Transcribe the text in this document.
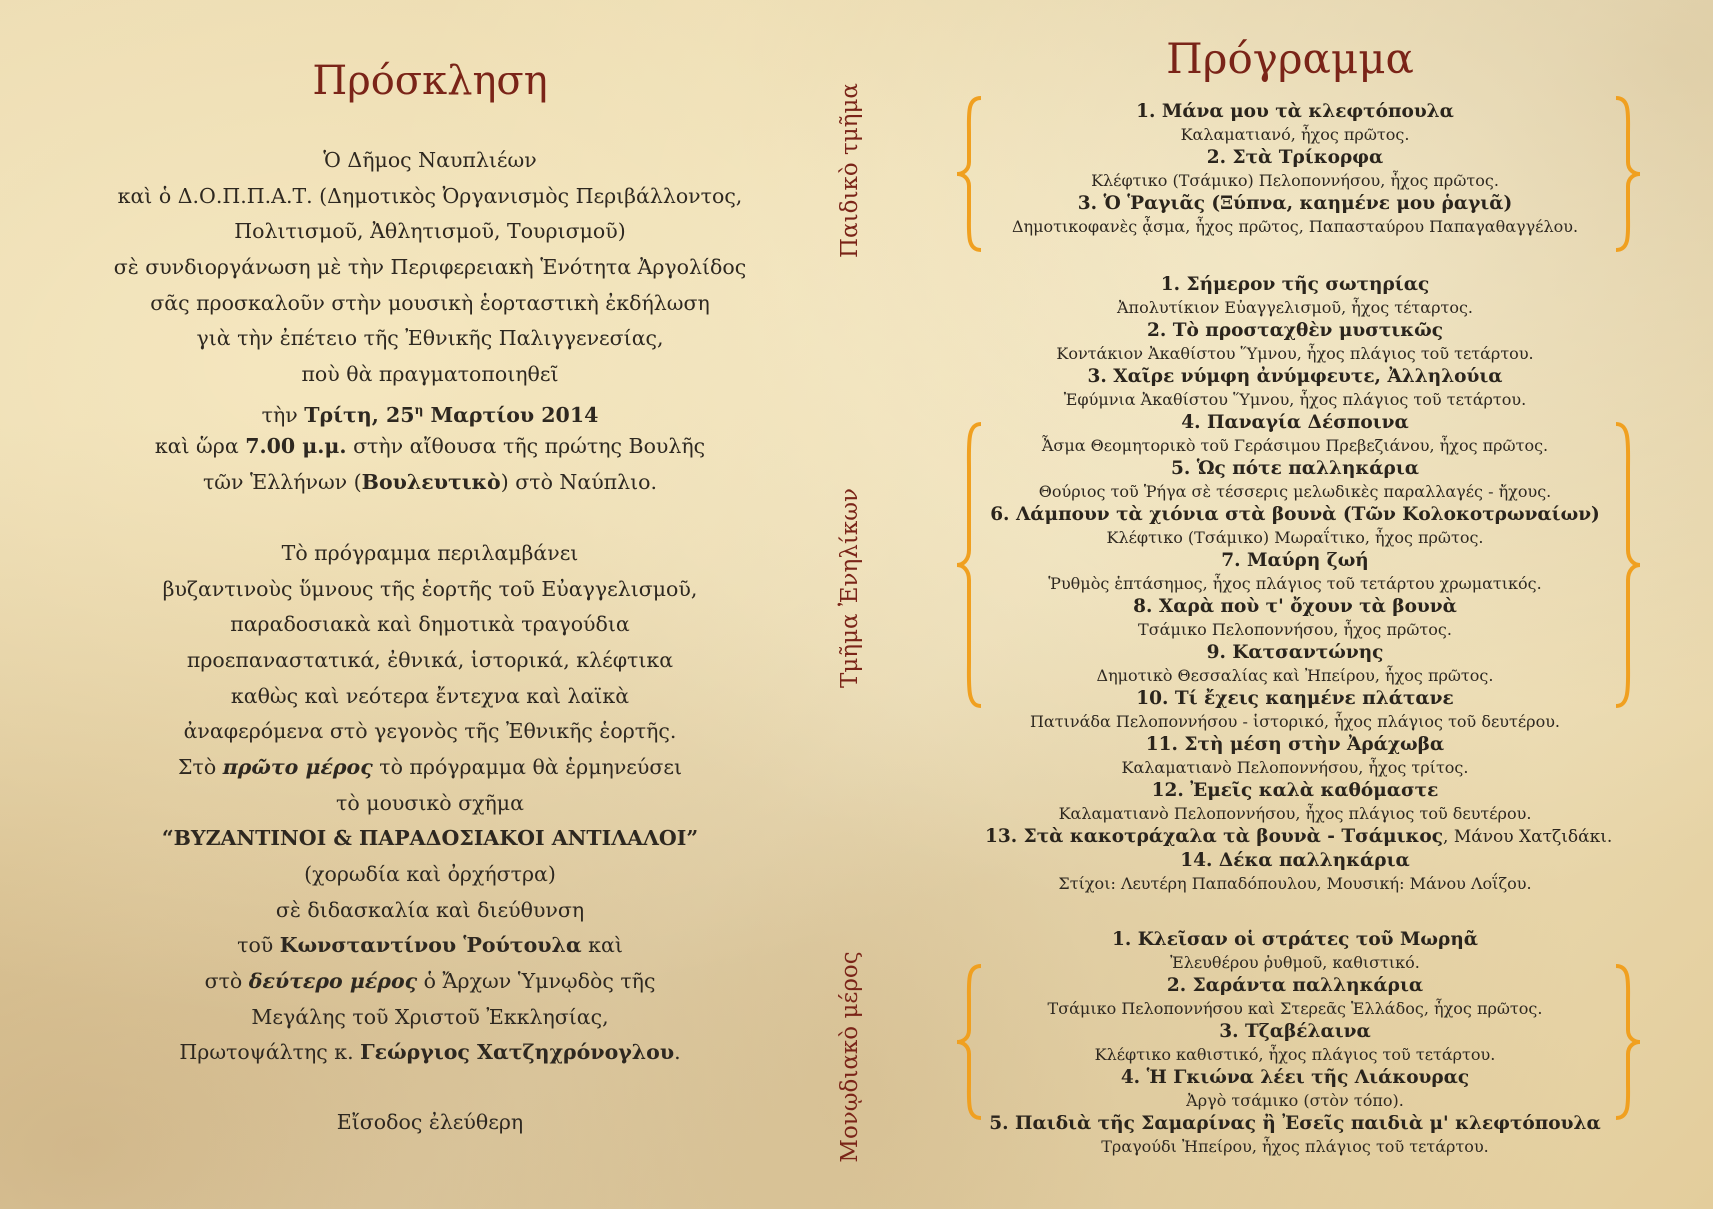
Πρόσκληση
Ὁ Δῆμος Ναυπλιέων
καὶ ὁ Δ.Ο.Π.Π.Α.Τ. (Δημοτικὸς Ὀργανισμὸς Περιβάλλοντος,
Πολιτισμοῦ, Ἀθλητισμοῦ, Τουρισμοῦ)
σὲ συνδιοργάνωση μὲ τὴν Περιφερειακὴ Ἑνότητα Ἀργολίδος
σᾶς προσκαλοῦν στὴν μουσικὴ ἑορταστικὴ ἐκδήλωση
γιὰ τὴν ἐπέτειο τῆς Ἐθνικῆς Παλιγγενεσίας,
ποὺ θὰ πραγματοποιηθεῖ
τὴν Τρίτη, $25^\eta$ Μαρτίου 2014
καὶ ὥρα 7.00 μ.μ. στὴν αἴθουσα τῆς πρώτης Βουλῆς
τῶν Ἑλλήνων (Βουλευτικὸ) στὸ Ναύπλιο.
Τὸ πρόγραμμα περιλαμβάνει
βυζαντινοὺς ὕμνους τῆς ἑορτῆς τοῦ Εὐαγγελισμοῦ,
παραδοσιακὰ καὶ δημοτικὰ τραγούδια
προεπαναστατικά, ἐθνικά, ἱστορικά, κλέφτικα
καθὼς καὶ νεότερα ἔντεχνα καὶ λαϊκὰ
ἀναφερόμενα στὸ γεγονὸς τῆς Ἐθνικῆς ἑορτῆς.
Στὸ πρῶτο μέρος τὸ πρόγραμμα θὰ ἑρμηνεύσει
τὸ μουσικὸ σχῆμα
“ΒΥΖΑΝΤΙΝΟΙ & ΠΑΡΑΔΟΣΙΑΚΟΙ ΑΝΤΙΛΑΛΟΙ”
(χορωδία καὶ ὀρχήστρα)
σὲ διδασκαλία καὶ διεύθυνση
τοῦ Κωνσταντίνου Ῥούτουλα καὶ
στὸ δεύτερο μέρος ὁ Ἄρχων Ὑμνῳδὸς τῆς
Μεγάλης τοῦ Χριστοῦ Ἐκκλησίας,
Πρωτοψάλτης κ. Γεώργιος Χατζηχρόνογλου.
Εἴσοδος ἐλεύθερη
Πρόγραμμα
Παιδικὸ τμῆμα
Τμῆμα Ἐνηλίκων
Μονῳδιακὸ μέρος
1. Μάνα μου τὰ κλεφτόπουλα
Καλαματιανό, ἦχος πρῶτος.
2. Στὰ Τρίκορφα
Κλέφτικο (Τσάμικο) Πελοποννήσου, ἦχος πρῶτος.
3. Ὁ Ῥαγιᾶς (Ξύπνα, καημένε μου ῥαγιᾶ)
Δημοτικοφανὲς ᾆσμα, ἦχος πρῶτος, Παπασταύρου Παπαγαθαγγέλου.
1. Σήμερον τῆς σωτηρίας
Ἀπολυτίκιον Εὐαγγελισμοῦ, ἦχος τέταρτος.
2. Τὸ προσταχθὲν μυστικῶς
Κοντάκιον Ἀκαθίστου Ὕμνου, ἦχος πλάγιος τοῦ τετάρτου.
3. Χαῖρε νύμφη ἀνύμφευτε, Ἀλληλούια
Ἐφύμνια Ἀκαθίστου Ὕμνου, ἦχος πλάγιος τοῦ τετάρτου.
4. Παναγία Δέσποινα
Ἆσμα Θεομητορικὸ τοῦ Γεράσιμου Πρεβεζιάνου, ἦχος πρῶτος.
5. Ὡς πότε παλληκάρια
Θούριος τοῦ Ῥήγα σὲ τέσσερις μελωδικὲς παραλλαγές - ἤχους.
6. Λάμπουν τὰ χιόνια στὰ βουνὰ (Τῶν Κολοκοτρωναίων)
Κλέφτικο (Τσάμικο) Μωραΐτικο, ἦχος πρῶτος.
7. Μαύρη ζωή
Ῥυθμὸς ἑπτάσημος, ἦχος πλάγιος τοῦ τετάρτου χρωματικός.
8. Χαρὰ ποὺ τ' ὄχουν τὰ βουνὰ
Τσάμικο Πελοποννήσου, ἦχος πρῶτος.
9. Κατσαντώνης
Δημοτικὸ Θεσσαλίας καὶ Ἠπείρου, ἦχος πρῶτος.
10. Τί ἔχεις καημένε πλάτανε
Πατινάδα Πελοποννήσου - ἱστορικό, ἦχος πλάγιος τοῦ δευτέρου.
11. Στὴ μέση στὴν Ἀράχωβα
Καλαματιανὸ Πελοποννήσου, ἦχος τρίτος.
12. Ἐμεῖς καλὰ καθόμαστε
Καλαματιανὸ Πελοποννήσου, ἦχος πλάγιος τοῦ δευτέρου.
13. Στὰ κακοτράχαλα τὰ βουνὰ - Τσάμικος, Μάνου Χατζιδάκι.
14. Δέκα παλληκάρια
Στίχοι: Λευτέρη Παπαδόπουλου, Μουσική: Μάνου Λοΐζου.
1. Κλεῖσαν οἱ στράτες τοῦ Μωρηᾶ
Ἐλευθέρου ῥυθμοῦ, καθιστικό.
2. Σαράντα παλληκάρια
Τσάμικο Πελοποννήσου καὶ Στερεᾶς Ἑλλάδος, ἦχος πρῶτος.
3. Τζαβέλαινα
Κλέφτικο καθιστικό, ἦχος πλάγιος τοῦ τετάρτου.
4. Ἡ Γκιώνα λέει τῆς Λιάκουρας
Ἀργὸ τσάμικο (στὸν τόπο).
5. Παιδιὰ τῆς Σαμαρίνας ἢ Ἐσεῖς παιδιὰ μ' κλεφτόπουλα
Τραγούδι Ἠπείρου, ἦχος πλάγιος τοῦ τετάρτου.
